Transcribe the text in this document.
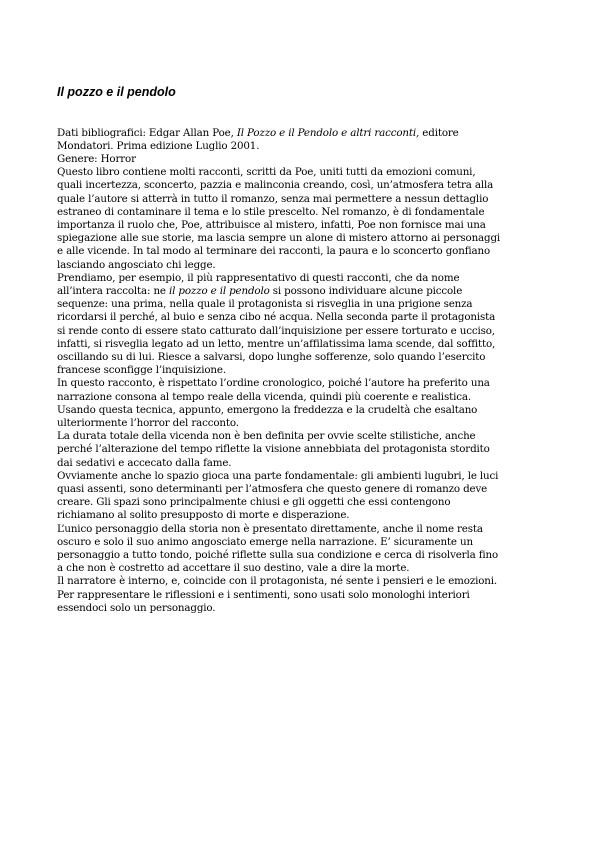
Il pozzo e il pendolo
Dati bibliografici: Edgar Allan Poe, Il Pozzo e il Pendolo e altri racconti, editore
Mondatori. Prima edizione Luglio 2001.
Genere: Horror
Questo libro contiene molti racconti, scritti da Poe, uniti tutti da emozioni comuni,
quali incertezza, sconcerto, pazzia e malinconia creando, così, un’atmosfera tetra alla
quale l’autore si atterrà in tutto il romanzo, senza mai permettere a nessun dettaglio
estraneo di contaminare il tema e lo stile prescelto. Nel romanzo, è di fondamentale
importanza il ruolo che, Poe, attribuisce al mistero, infatti, Poe non fornisce mai una
spiegazione alle sue storie, ma lascia sempre un alone di mistero attorno ai personaggi
e alle vicende. In tal modo al terminare dei racconti, la paura e lo sconcerto gonfiano
lasciando angosciato chi legge.
Prendiamo, per esempio, il più rappresentativo di questi racconti, che da nome
all’intera raccolta: ne il pozzo e il pendolo si possono individuare alcune piccole
sequenze: una prima, nella quale il protagonista si risveglia in una prigione senza
ricordarsi il perché, al buio e senza cibo né acqua. Nella seconda parte il protagonista
si rende conto di essere stato catturato dall’inquisizione per essere torturato e ucciso,
infatti, si risveglia legato ad un letto, mentre un’affilatissima lama scende, dal soffitto,
oscillando su di lui. Riesce a salvarsi, dopo lunghe sofferenze, solo quando l’esercito
francese sconfigge l’inquisizione.
In questo racconto, è rispettato l’ordine cronologico, poiché l’autore ha preferito una
narrazione consona al tempo reale della vicenda, quindi più coerente e realistica.
Usando questa tecnica, appunto, emergono la freddezza e la crudeltà che esaltano
ulteriormente l’horror del racconto.
La durata totale della vicenda non è ben definita per ovvie scelte stilistiche, anche
perché l’alterazione del tempo riflette la visione annebbiata del protagonista stordito
dai sedativi e accecato dalla fame.
Ovviamente anche lo spazio gioca una parte fondamentale: gli ambienti lugubri, le luci
quasi assenti, sono determinanti per l’atmosfera che questo genere di romanzo deve
creare. Gli spazi sono principalmente chiusi e gli oggetti che essi contengono
richiamano al solito presupposto di morte e disperazione.
L’unico personaggio della storia non è presentato direttamente, anche il nome resta
oscuro e solo il suo animo angosciato emerge nella narrazione. E’ sicuramente un
personaggio a tutto tondo, poiché riflette sulla sua condizione e cerca di risolverla fino
a che non è costretto ad accettare il suo destino, vale a dire la morte.
Il narratore è interno, e, coincide con il protagonista, né sente i pensieri e le emozioni.
Per rappresentare le riflessioni e i sentimenti, sono usati solo monologhi interiori
essendoci solo un personaggio.
